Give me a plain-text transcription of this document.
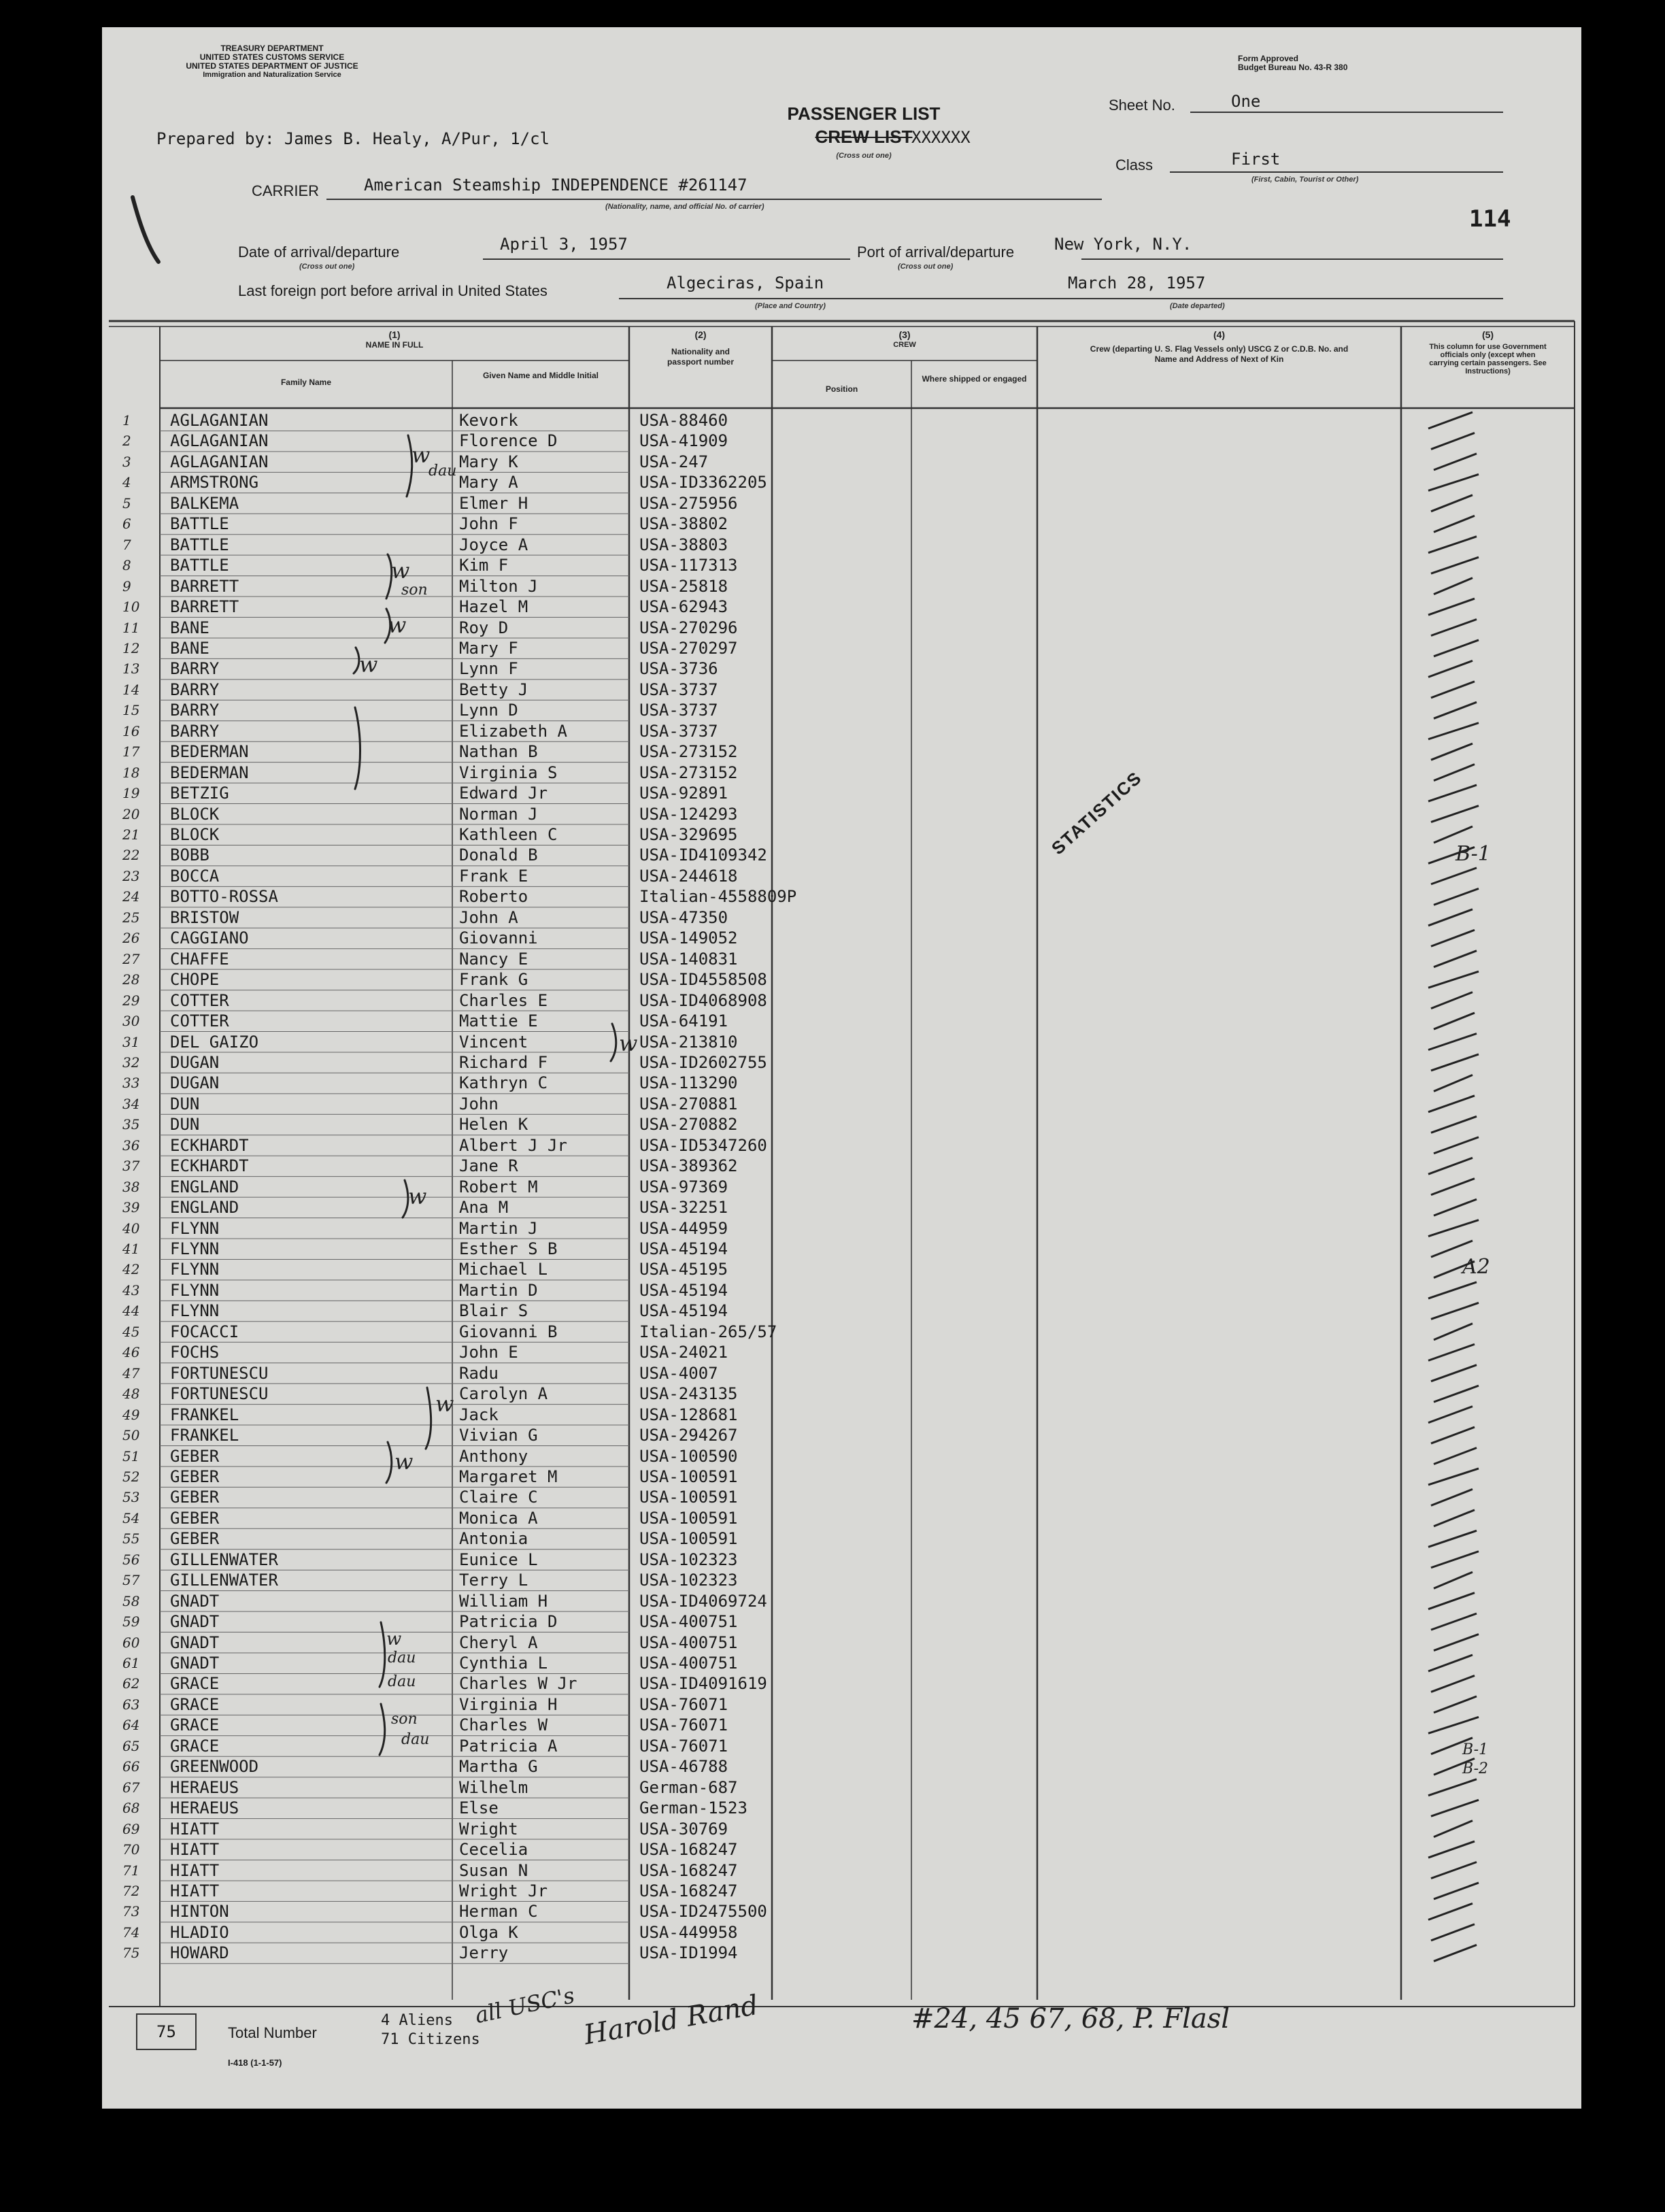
TREASURY DEPARTMENT
UNITED STATES CUSTOMS SERVICE
UNITED STATES DEPARTMENT OF JUSTICE
Immigration and Naturalization Service
Form Approved
Budget Bureau No. 43-R 380
Prepared by: James B. Healy, A/Pur, 1/cl
PASSENGER LIST
CREW LIST
XXXXXX
(Cross out one)
Sheet No.	One
Class	First
(First, Cabin, Tourist or Other)
CARRIER	American Steamship INDEPENDENCE #261147
(Nationality, name, and official No. of carrier)	114
Date of arrival/departure	April 3, 1957
(Cross out one)
Port of arrival/departure New York, N.Y.
(Cross out one)
Last foreign port before arrival in United States	Algeciras, Spain
(Place and Country)
March 28, 1957
(Date departed)
(1)
NAME IN FULL
Family Name
Given Name and Middle Initial
(2)
Nationality and passport number
(3)
CREW
Position
Where shipped or engaged
(4)
Crew (departing U. S. Flag Vessels only) USCG Z or C.D.B. No. and Name and Address of Next of Kin
(5)
This column for use Government officials only (except when carrying certain passengers. See Instructions)
1 AGLAGANIAN	Kevork	USA-88460
2 AGLAGANIAN	Florence D	USA-41909
3 AGLAGANIAN	Mary K	USA-247
4 ARMSTRONG	Mary A	USA-ID3362205
5 BALKEMA	Elmer H	USA-275956
6 BATTLE	John F	USA-38802
7 BATTLE	Joyce A	USA-38803
8 BATTLE	Kim F	USA-117313
9 BARRETT	Milton J	USA-25818
10 BARRETT	Hazel M	USA-62943
11 BANE	Roy D	USA-270296
12 BANE	Mary F	USA-270297
13 BARRY	Lynn F	USA-3736
14 BARRY	Betty J	USA-3737
15 BARRY	Lynn D	USA-3737
16 BARRY	Elizabeth A	USA-3737
17 BEDERMAN	Nathan B	USA-273152
18 BEDERMAN	Virginia S	USA-273152
19 BETZIG	Edward Jr	USA-92891
20 BLOCK	Norman J	USA-124293
21 BLOCK	Kathleen C	USA-329695
22 BOBB	Donald B	USA-ID4109342
23 BOCCA	Frank E	USA-244618
24 BOTTO-ROSSA	Roberto	Italian-4558809P
25 BRISTOW	John A	USA-47350
26 CAGGIANO	Giovanni	USA-149052
27 CHAFFE	Nancy E	USA-140831
28 CHOPE	Frank G	USA-ID4558508
29 COTTER	Charles E	USA-ID4068908
30 COTTER	Mattie E	USA-64191
31 DEL GAIZO	Vincent	USA-213810
32 DUGAN	Richard F	USA-ID2602755
33 DUGAN	Kathryn C	USA-113290
34 DUN	John	USA-270881
35 DUN	Helen K	USA-270882
36 ECKHARDT	Albert J Jr	USA-ID5347260
37 ECKHARDT	Jane R	USA-389362
38 ENGLAND	Robert M	USA-97369
39 ENGLAND	Ana M	USA-32251
40 FLYNN	Martin J	USA-44959
41 FLYNN	Esther S B	USA-45194
42 FLYNN	Michael L	USA-45195
43 FLYNN	Martin D	USA-45194
44 FLYNN	Blair S	USA-45194
45 FOCACCI	Giovanni B	Italian-265/57
46 FOCHS	John E	USA-24021
47 FORTUNESCU	Radu	USA-4007
48 FORTUNESCU	Carolyn A	USA-243135
49 FRANKEL	Jack	USA-128681
50 FRANKEL	Vivian G	USA-294267
51 GEBER	Anthony	USA-100590
52 GEBER	Margaret M	USA-100591
53 GEBER	Claire C	USA-100591
54 GEBER	Monica A	USA-100591
55 GEBER	Antonia	USA-100591
56 GILLENWATER	Eunice L	USA-102323
57 GILLENWATER	Terry L	USA-102323
58 GNADT	William H	USA-ID4069724
59 GNADT	Patricia D	USA-400751
60 GNADT	Cheryl A	USA-400751
61 GNADT	Cynthia L	USA-400751
62 GRACE	Charles W Jr	USA-ID4091619
63 GRACE	Virginia H	USA-76071
64 GRACE	Charles W	USA-76071
65 GRACE	Patricia A	USA-76071
66 GREENWOOD	Martha G	USA-46788
67 HERAEUS	Wilhelm	German-687
68 HERAEUS	Else	German-1523
69 HIATT	Wright	USA-30769
70 HIATT	Cecelia	USA-168247
71 HIATT	Susan N	USA-168247
72 HIATT	Wright Jr	USA-168247
73 HINTON	Herman C	USA-ID2475500
74 HLADIO	Olga K	USA-449958
75 HOWARD	Jerry	USA-ID1994
B-1
A2
B-1
B-2
STATISTICS
w
dau
w
son
w
w
w
w
w
w
w
dau
dau
son
dau
75	Total Number
I-418 (1-1-57)
4 Aliens
71 Citizens
all USC's Harold Rand	#24, 45 67, 68, P. Flasl
